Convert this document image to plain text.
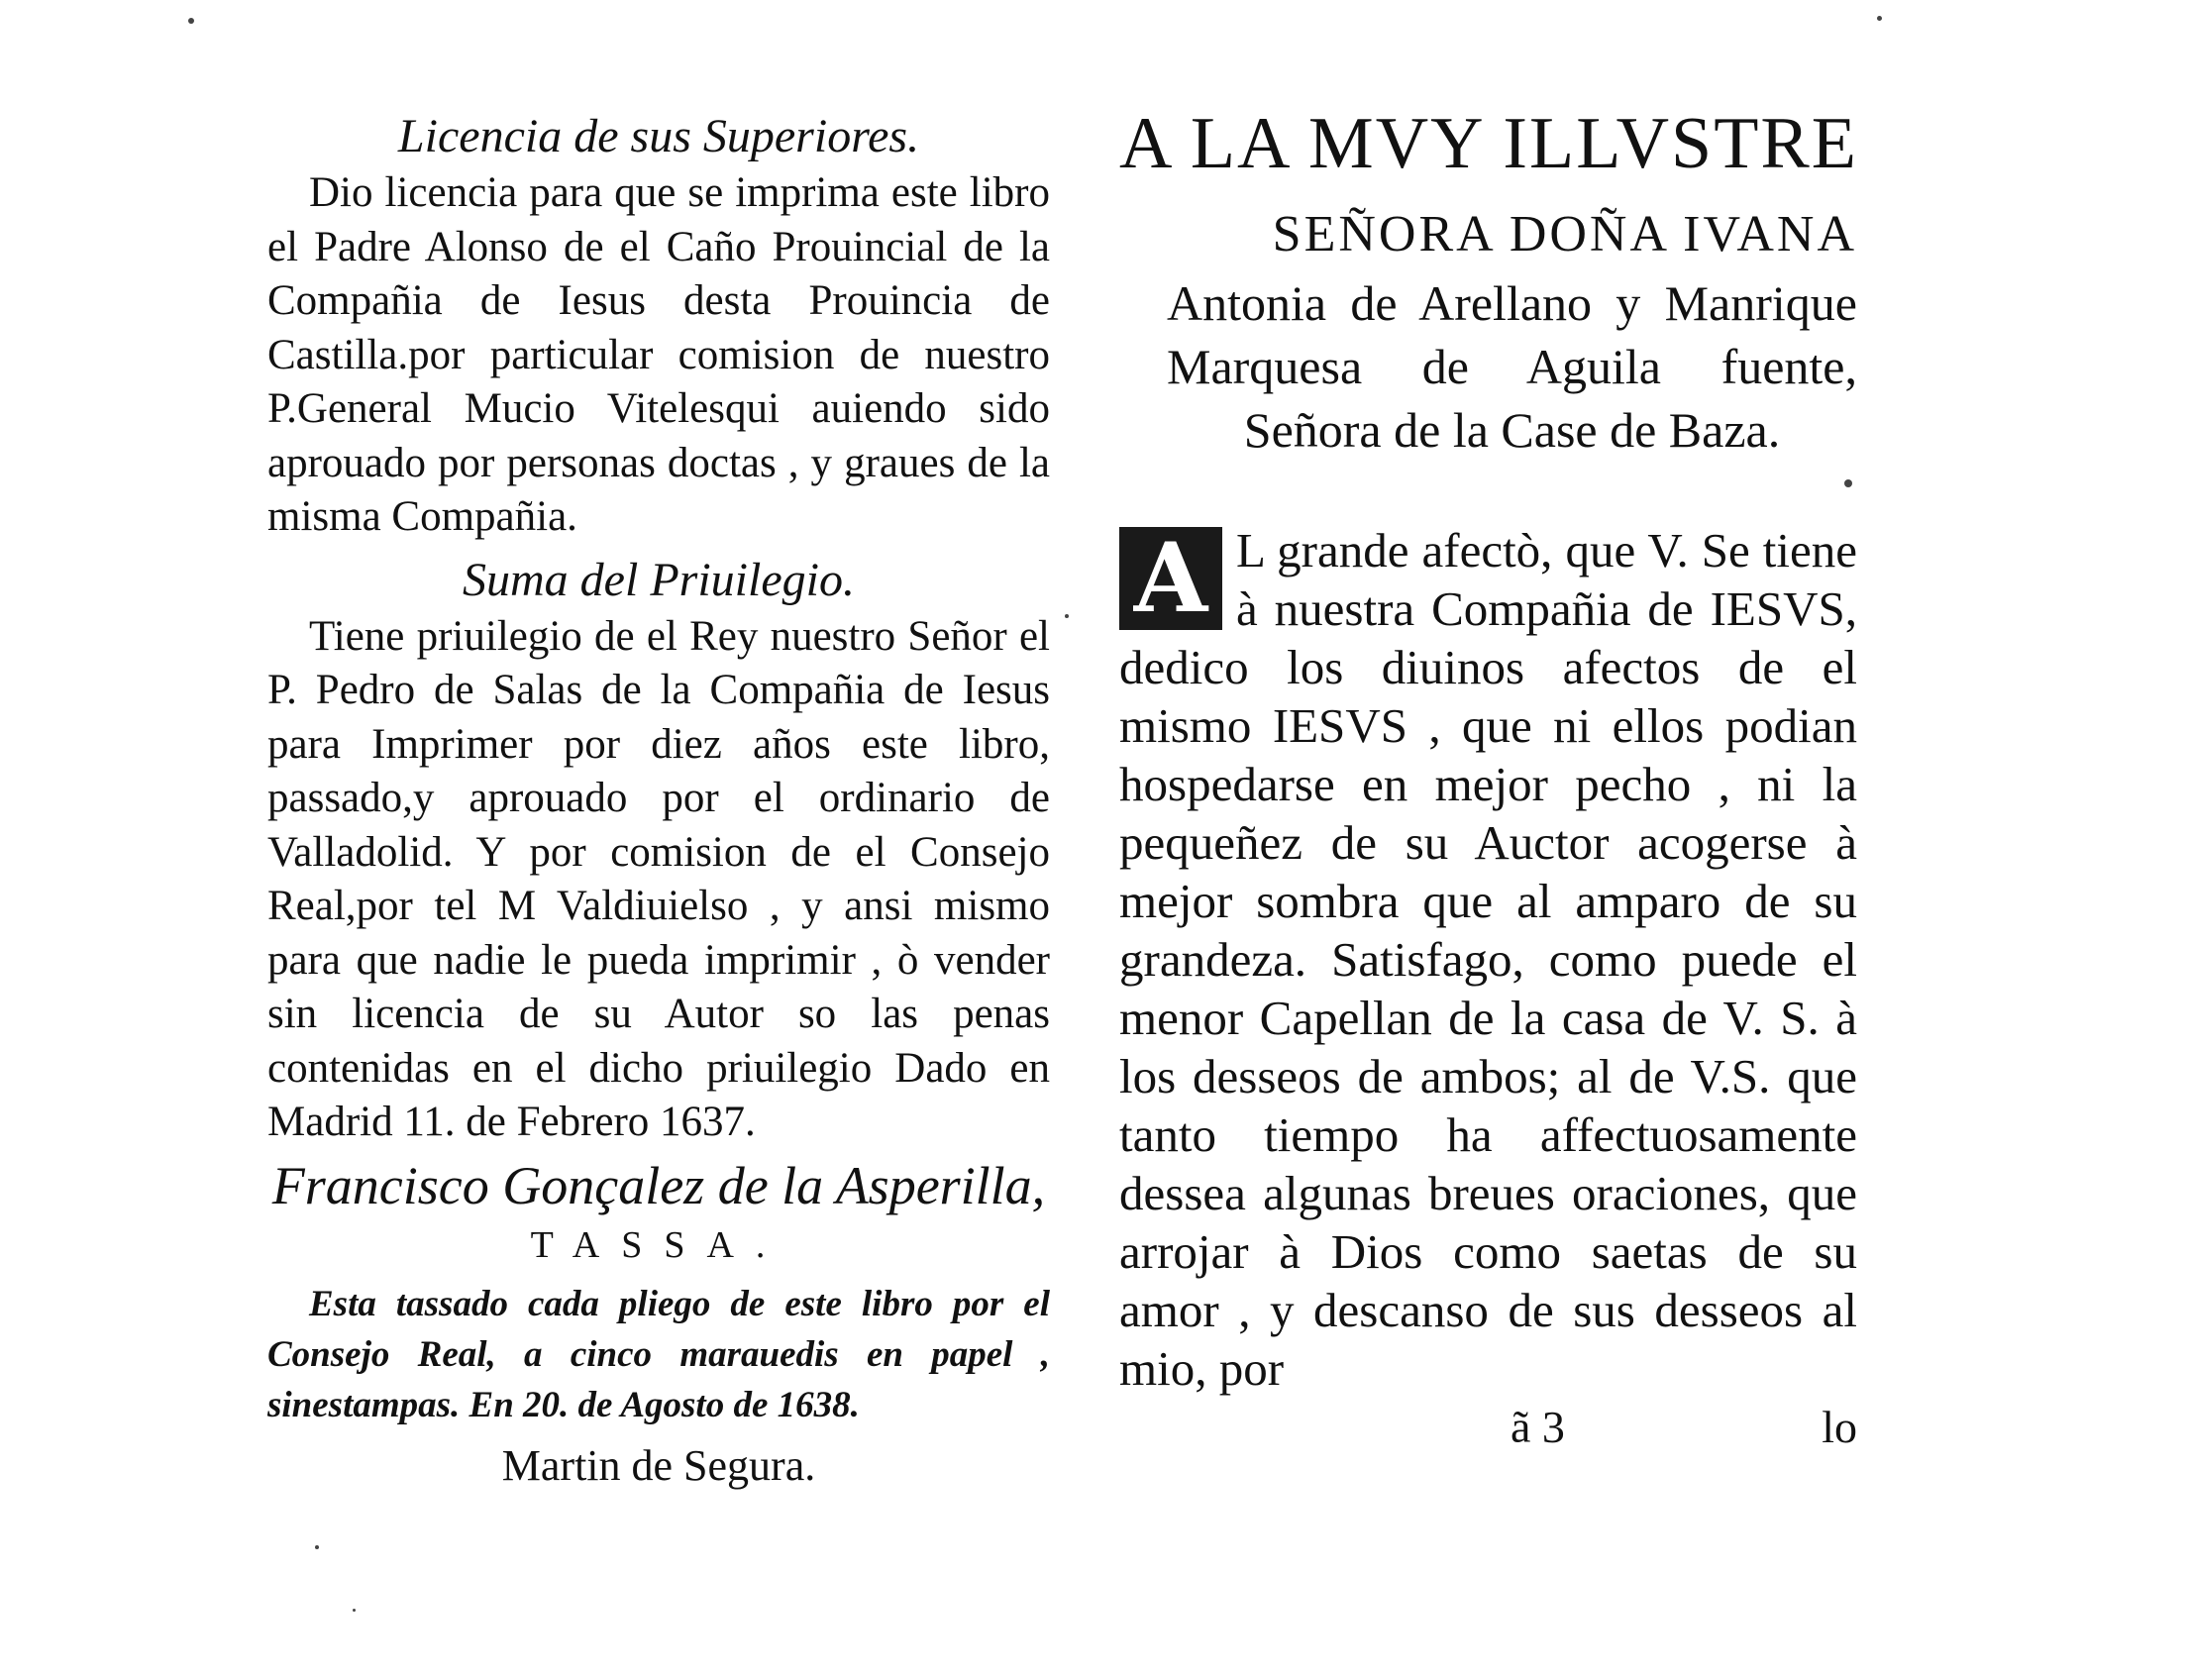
Licencia de sus Superiores.

Dio licencia para que se imprima este libro el Padre Alonso de el Caño Prouincial de la Compañia de Iesus desta Prouincia de Castilla.por particular comision de nuestro P.General Mucio Vitelesqui auiendo sido aprouado por personas doctas , y graues de la misma Compañia.

Suma del Priuilegio.

Tiene priuilegio de el Rey nuestro Señor el P. Pedro de Salas de la Compañia de Iesus para Imprimer por diez años este libro, passado,y aprouado por el ordinario de Valladolid. Y por comision de el Consejo Real,por tel M Valdiuielso , y ansi mismo para que nadie le pueda imprimir , ò vender sin licencia de su Autor so las penas contenidas en el dicho priuilegio Dado en Madrid 11. de Febrero 1637.

Francisco Gonçalez de la Asperilla,
TASSA.

Esta tassado cada pliego de este libro por el Consejo Real, a cinco marauedis en papel , sinestampas. En 20. de Agosto de 1638.

Martin de Segura.
A LA MVY ILLVSTRE
SEÑORA DOÑA IVANA
Antonia de Arellano y Manrique Marquesa de Aguila fuente, Señora de la Case de Baza.
A L grande afectò, que V. Se tiene à nuestra Compañia de IESVS, dedico los diuinos afectos de el mismo IESVS , que ni ellos podian hospedarse en mejor pecho , ni la pequeñez de su Auctor acogerse à mejor sombra que al amparo de su grandeza. Satisfago, como puede el menor Capellan de la casa de V. S. à los desseos de ambos; al de V.S. que tanto tiempo ha affectuosamente dessea algunas breues oraciones, que arrojar à Dios como saetas de su amor , y descanso de sus desseos al mio, por

ã 3	lo
